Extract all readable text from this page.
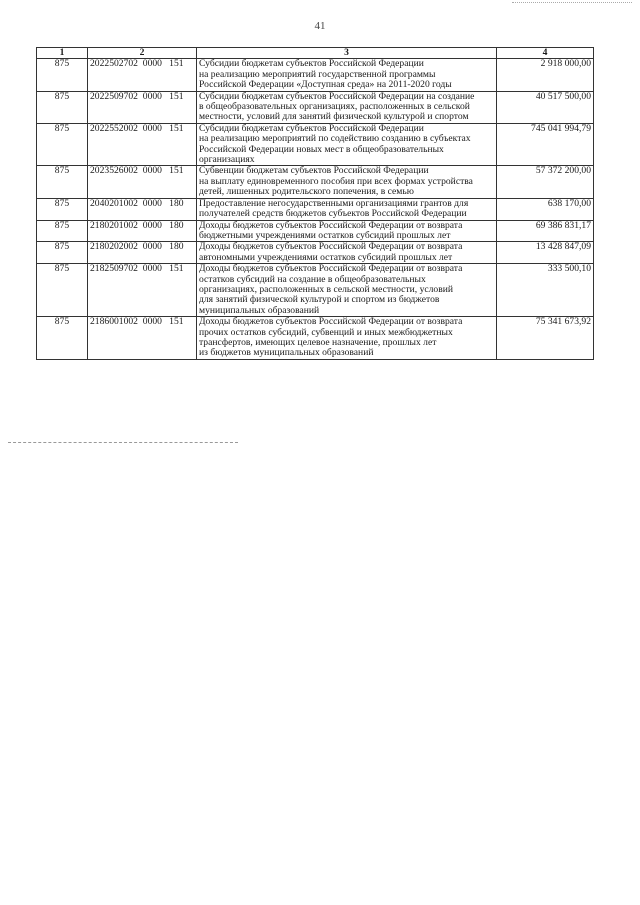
41
1	2	3	4
875	2022502702  0000   151	Субсидии бюджетам субъектов Российской Федерации
на реализацию мероприятий государственной программы
Российской Федерации «Доступная среда» на 2011-2020 годы	2 918 000,00
875	2022509702  0000   151	Субсидии бюджетам субъектов Российской Федерации на создание
в общеобразовательных организациях, расположенных в сельской
местности, условий для занятий физической культурой и спортом	40 517 500,00
875	2022552002  0000   151	Субсидии бюджетам субъектов Российской Федерации
на реализацию мероприятий по содействию созданию в субъектах
Российской Федерации новых мест в общеобразовательных
организациях	745 041 994,79
875	2023526002  0000   151	Субвенции бюджетам субъектов Российской Федерации
на выплату единовременного пособия при всех формах устройства
детей, лишенных родительского попечения, в семью	57 372 200,00
875	2040201002  0000   180	Предоставление негосударственными организациями грантов для
получателей средств бюджетов субъектов Российской Федерации	638 170,00
875	2180201002  0000   180	Доходы бюджетов субъектов Российской Федерации от возврата
бюджетными учреждениями остатков субсидий прошлых лет	69 386 831,17
875	2180202002  0000   180	Доходы бюджетов субъектов Российской Федерации от возврата
автономными учреждениями остатков субсидий прошлых лет	13 428 847,09
875	2182509702  0000   151	Доходы бюджетов субъектов Российской Федерации от возврата
остатков субсидий на создание в общеобразовательных
организациях, расположенных в сельской местности, условий
для занятий физической культурой и спортом из бюджетов
муниципальных образований	333 500,10
875	2186001002  0000   151	Доходы бюджетов субъектов Российской Федерации от возврата
прочих остатков субсидий, субвенций и иных межбюджетных
трансфертов, имеющих целевое назначение, прошлых лет
из бюджетов муниципальных образований	75 341 673,92
